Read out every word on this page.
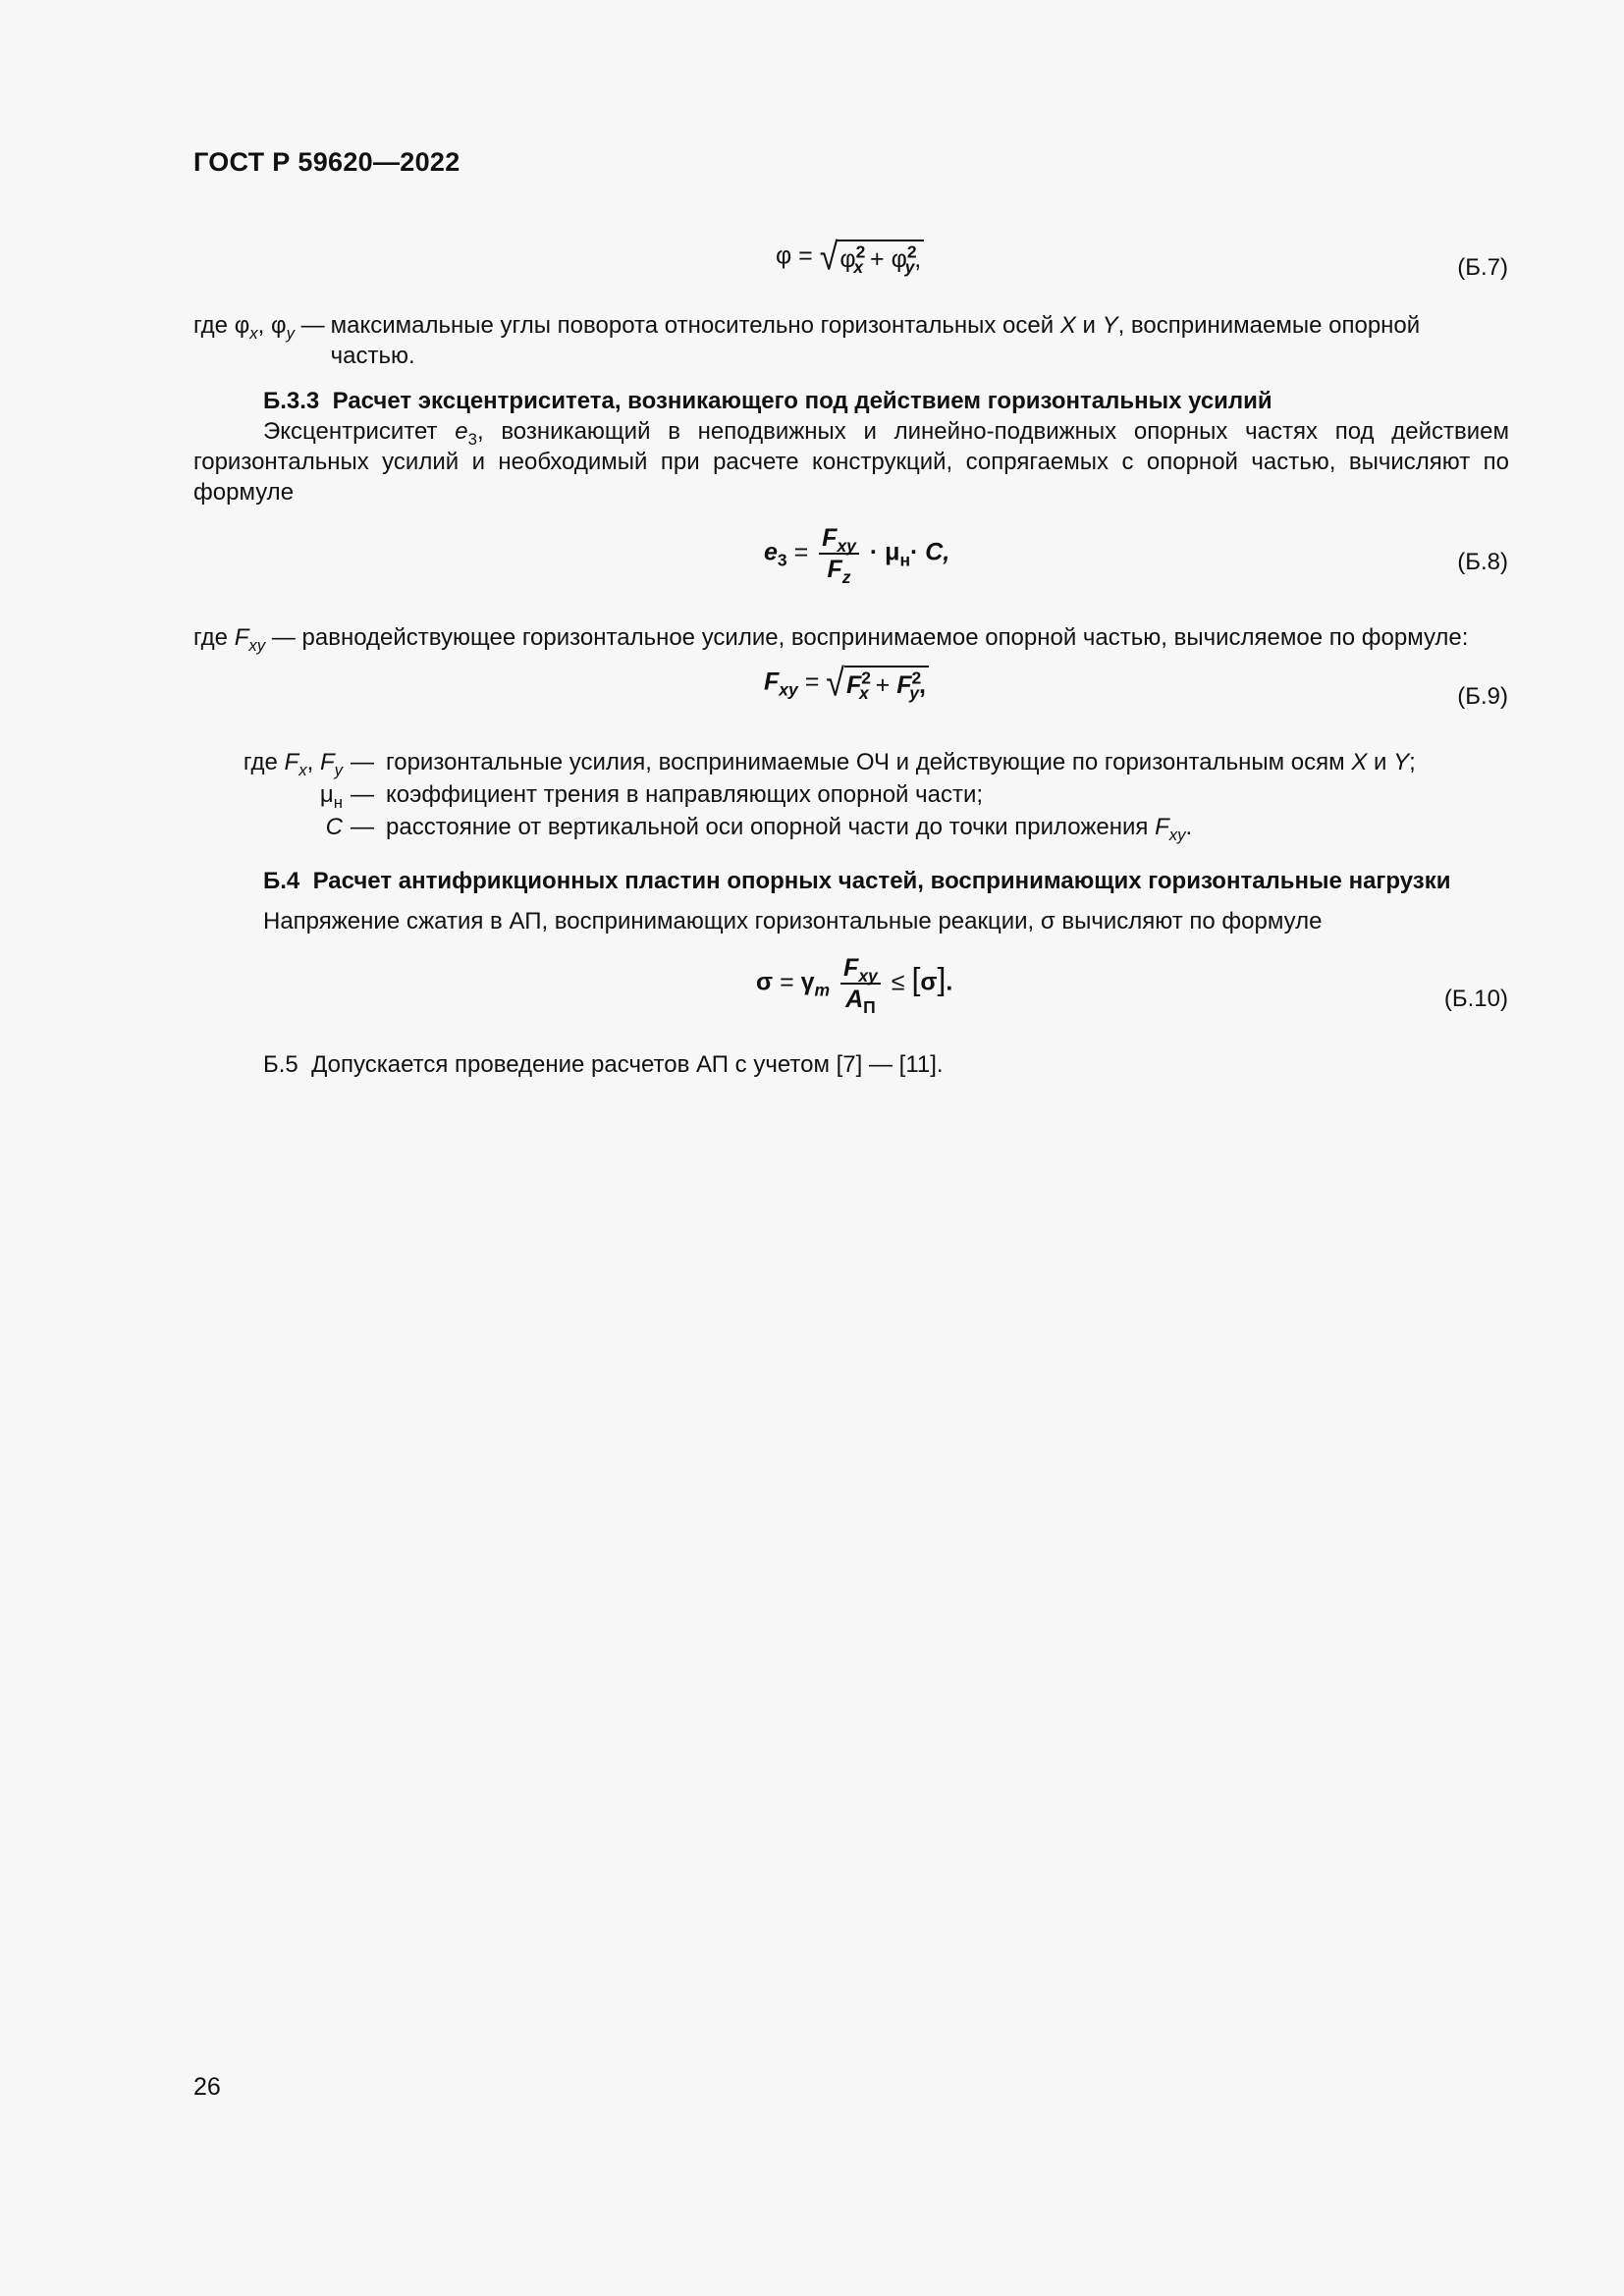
ГОСТ Р 59620—2022
φ = √ $\varphi^2_x + \varphi^2_y$,	(Б.7)
где $\varphi_x$, $\varphi_y$ — максимальные углы поворота относительно горизонтальных осей X и Y, воспринимаемые опорной
частью.
Б.3.3 Расчет эксцентриситета, возникающего под действием горизонтальных усилий
Эксцентриситет $e_3$, возникающий в неподвижных и линейно-подвижных опорных частях под действием горизонтальных усилий и необходимый при расчете конструкций, сопрягаемых с опорной частью, вычисляют по формуле
$e_3 = \frac{F_{xy}}{F_z} \cdot \mu_н\cdot C$,	(Б.8)
где $F_{xy}$ — равнодействующее горизонтальное усилие, воспринимаемое опорной частью, вычисляемое по формуле:
$F_{xy}$ = √ $F^2_x + F^2_y$,	(Б.9)
где $F_x$, $F_y$ — горизонтальные усилия, воспринимаемые ОЧ и действующие по горизонтальным осям X и Y;
$\mu_н$ — коэффициент трения в направляющих опорной части;
C — расстояние от вертикальной оси опорной части до точки приложения $F_{xy}$.
Б.4 Расчет антифрикционных пластин опорных частей, воспринимающих горизонтальные нагрузки
Напряжение сжатия в АП, воспринимающих горизонтальные реакции, σ вычисляют по формуле
$\sigma = \gamma_m \frac{F_{xy}}{A_П} \le [\sigma]$.
(Б.10)
Б.5 Допускается проведение расчетов АП с учетом [7] — [11].
26
